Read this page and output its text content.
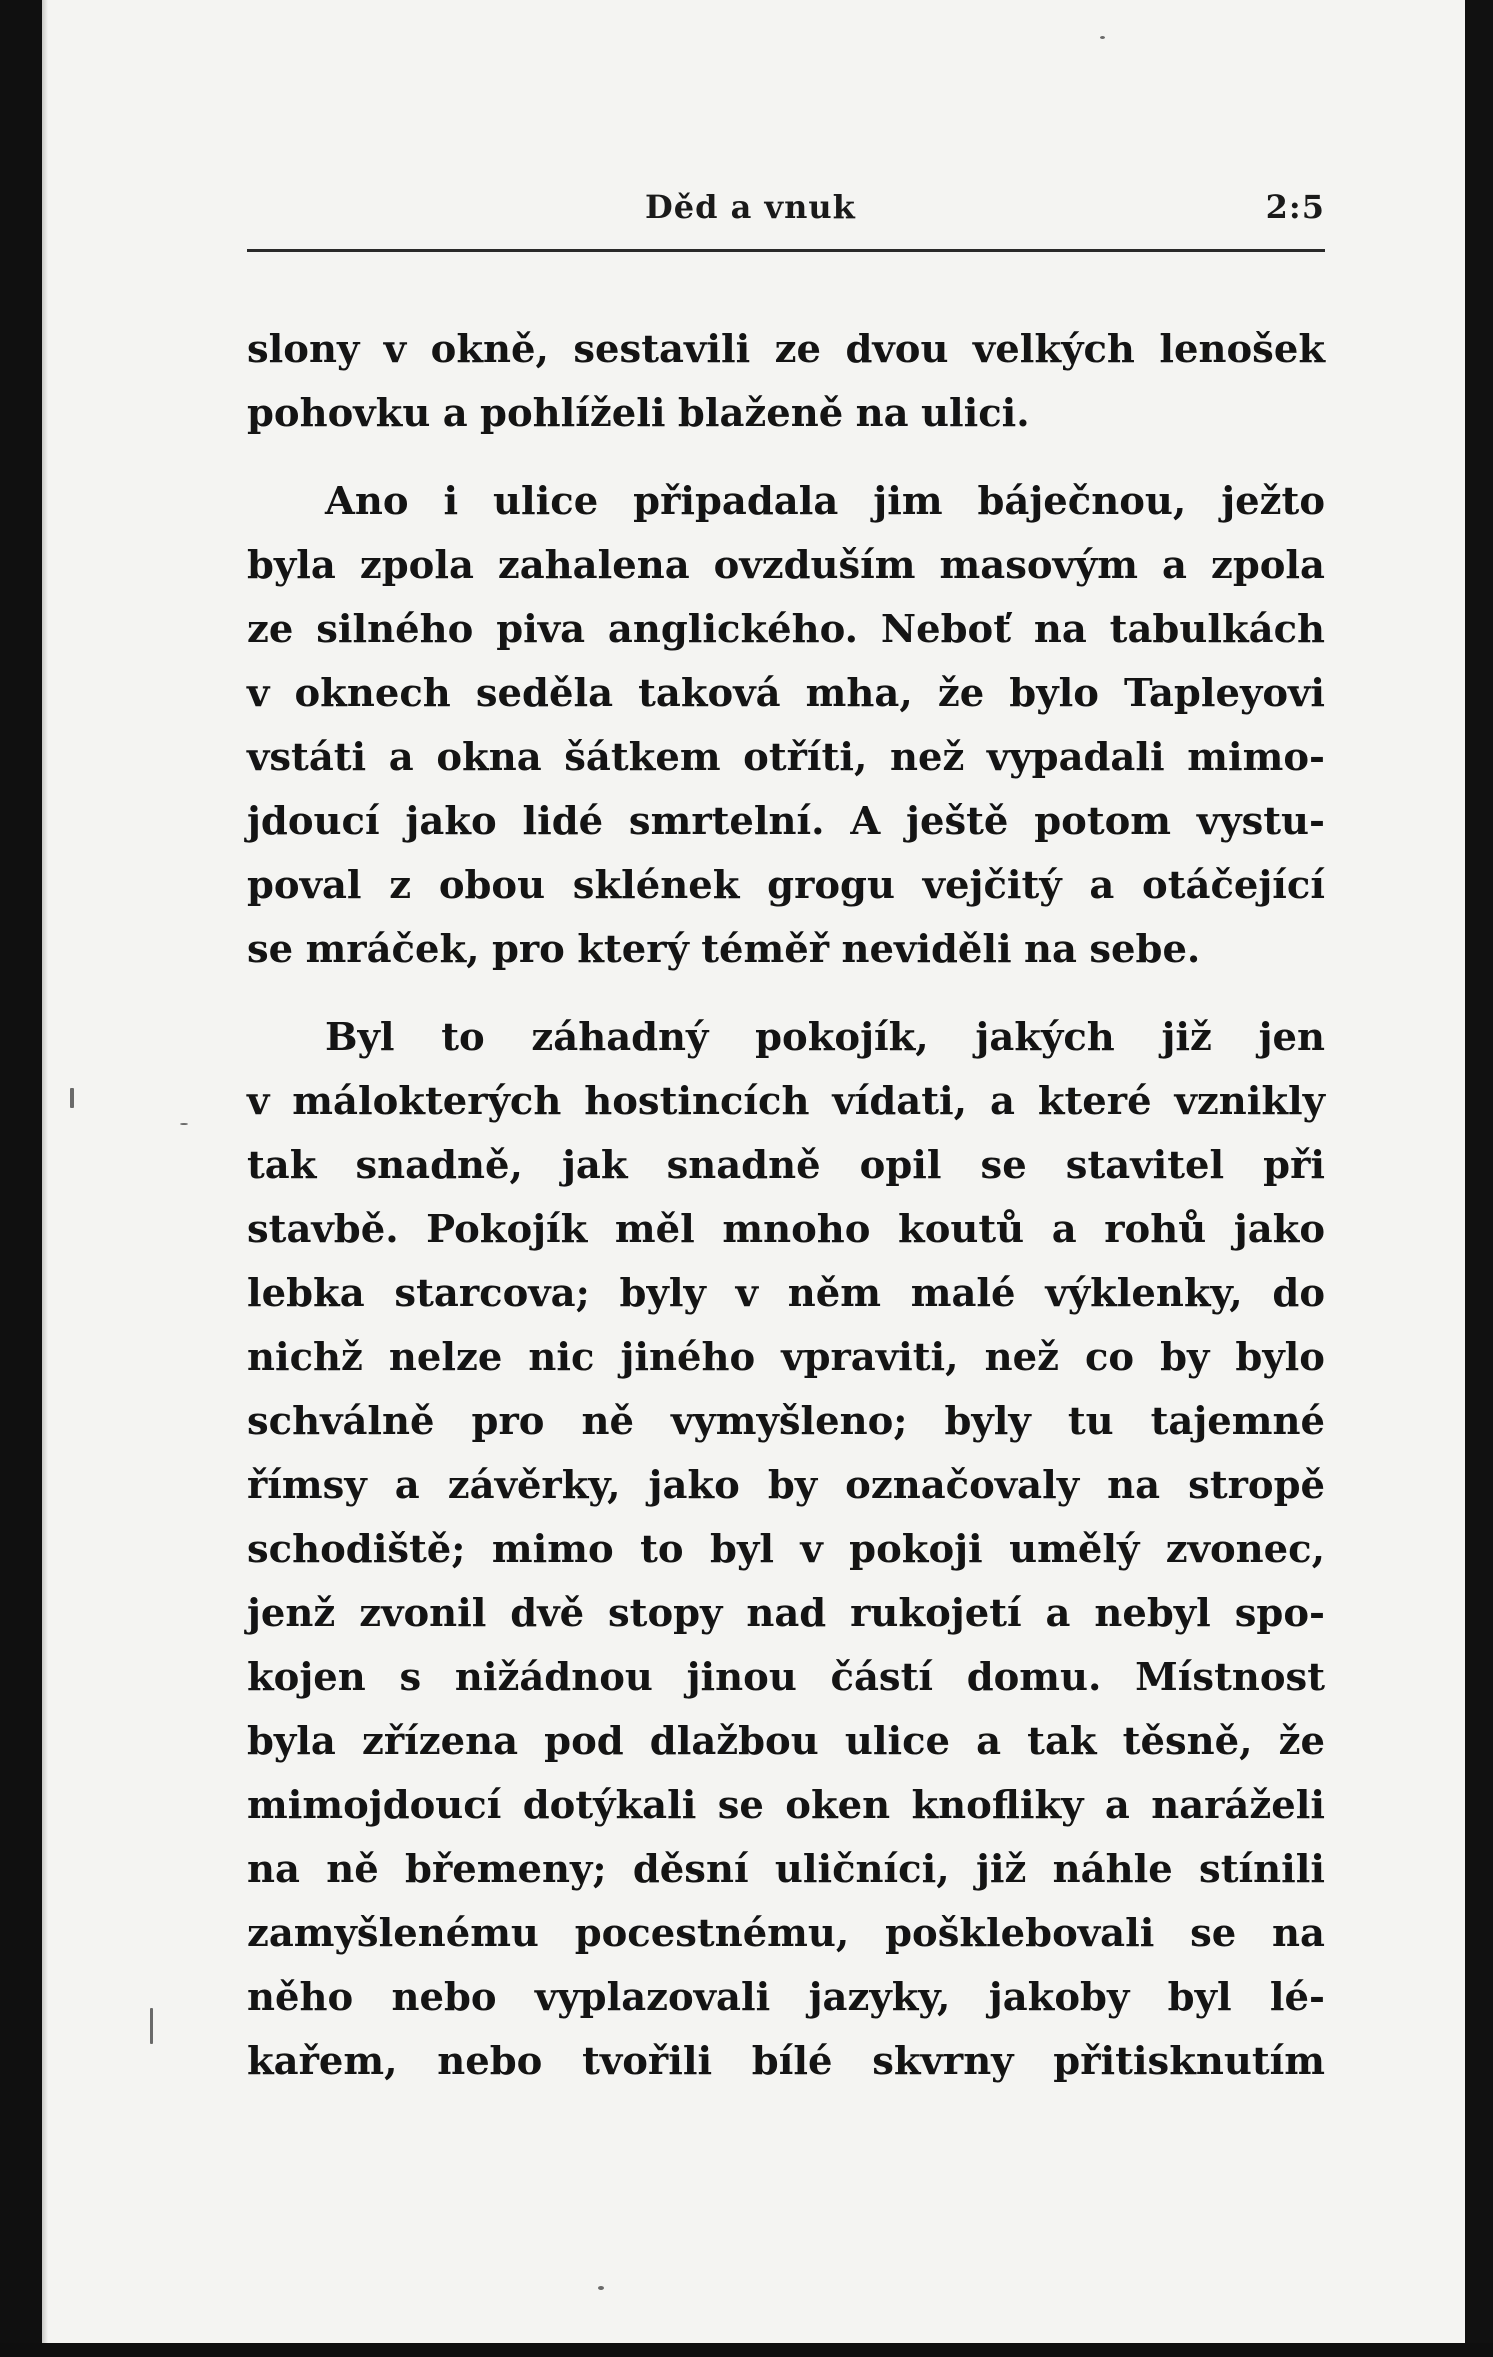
Děd a vnuk	2:5
slony v okně, sestavili ze dvou velkých lenošek
pohovku a pohlíželi blaženě na ulici.
Ano i ulice připadala jim báječnou, ježto
byla zpola zahalena ovzduším masovým a zpola
ze silného piva anglického. Neboť na tabulkách
v oknech seděla taková mha, že bylo Tapleyovi
vstáti a okna šátkem otříti, než vypadali mimo-
jdoucí jako lidé smrtelní. A ještě potom vystu-
poval z obou sklének grogu vejčitý a otáčející
se mráček, pro který téměř neviděli na sebe.
Byl to záhadný pokojík, jakých již jen
v málokterých hostincích vídati, a které vznikly
tak snadně, jak snadně opil se stavitel při
stavbě. Pokojík měl mnoho koutů a rohů jako
lebka starcova; byly v něm malé výklenky, do
nichž nelze nic jiného vpraviti, než co by bylo
schválně pro ně vymyšleno; byly tu tajemné
římsy a závěrky, jako by označovaly na stropě
schodiště; mimo to byl v pokoji umělý zvonec,
jenž zvonil dvě stopy nad rukojetí a nebyl spo-
kojen s nižádnou jinou částí domu. Místnost
byla zřízena pod dlažbou ulice a tak těsně, že
mimojdoucí dotýkali se oken knofliky a naráželi
na ně břemeny; děsní uličníci, již náhle stínili
zamyšlenému pocestnému, pošklebovali se na
něho nebo vyplazovali jazyky, jakoby byl lé-
kařem, nebo tvořili bílé skvrny přitisknutím
